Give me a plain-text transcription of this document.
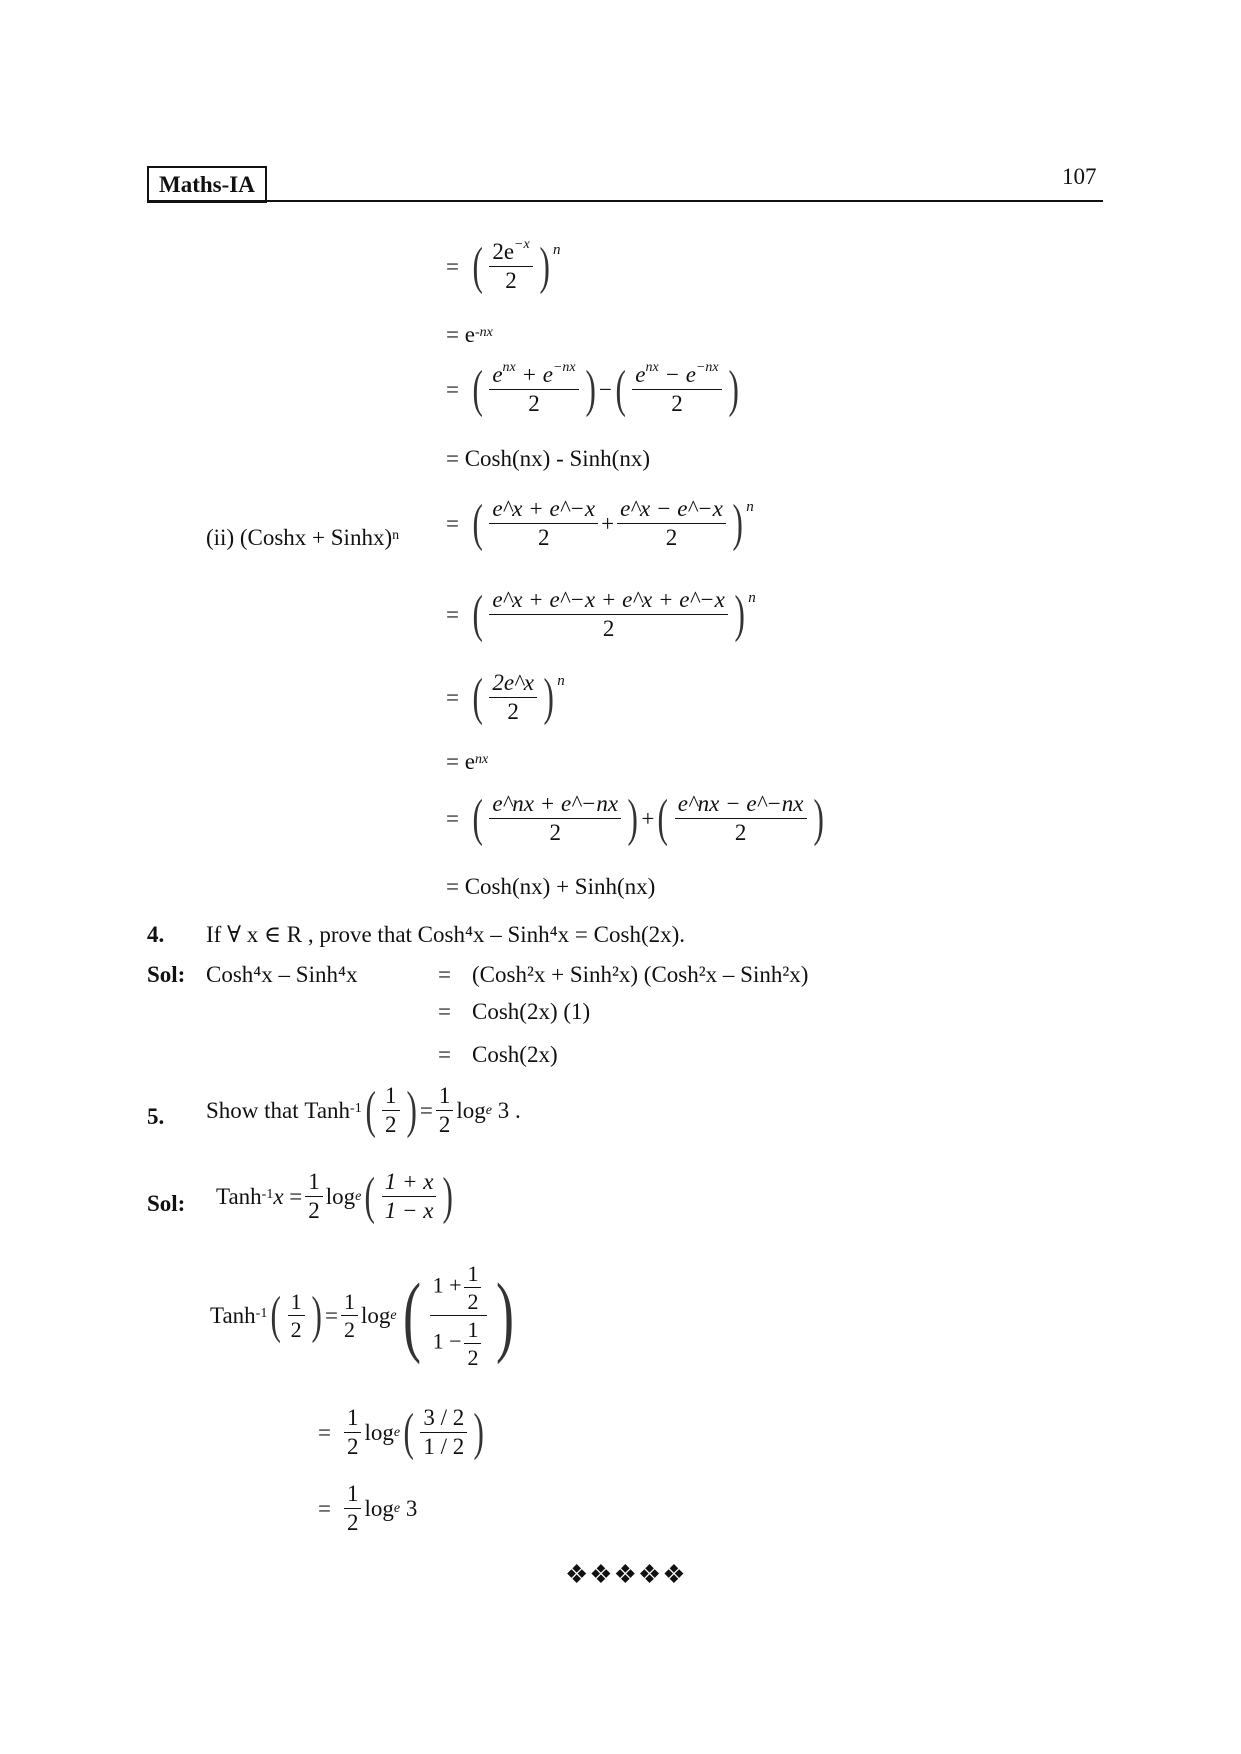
Maths-IA	107
= ( $\frac{2e^{-x}}{2}$ ) n
= e $^{-nx}$
= ( $\frac{e^{nx} + e^{-nx}}{2}$ ) − ( $\frac{e^{nx} - e^{-nx}}{2}$ )
= Cosh(nx) - Sinh(nx)
(ii) (Coshx + Sinhx)$^n$ = ( $\frac{e\^{}x + e\^{}-x}{2} + \frac{e\^{}x - e\^{}-x}{2}$ ) n
= ( $\frac{e\^{}x + e\^{}-x + e\^{}x + e\^{}-x}{2}$ ) n
= ( $\frac{2e\^{}x}{2}$ ) n
= e $^{nx}$
= ( $\frac{e\^{}nx + e\^{}-nx}{2}$ ) + ( $\frac{e\^{}nx - e\^{}-nx}{2}$ )
= Cosh(nx) + Sinh(nx)
4. If ∀ x ∈ R , prove that Cosh⁴x – Sinh⁴x = Cosh(2x).
Sol: Cosh⁴x – Sinh⁴x	= (Cosh²x + Sinh²x) (Cosh²x – Sinh²x)
= Cosh(2x) (1)
= Cosh(2x)
5. Show that
Tanh$^{-1}$ ( $\frac{1}{2}$ ) = $\frac{1}{2}$ log e
3 .
Sol: Tanh$^{-1}$ $x = \frac{1}{2}$ log e ( $\frac{1 + x}{1 - x}$ )
Tanh$^{-1}$ ( $\frac{1}{2}$ ) = $\frac{1}{2}$ log e ( $\frac{1 + \frac{1}{2}}{1 - \frac{1}{2}}$ )
= $\frac{1}{2}$ log e ( $\frac{3 / 2}{1 / 2}$ )
= $\frac{1}{2}$ log e
3
❖❖❖❖❖
